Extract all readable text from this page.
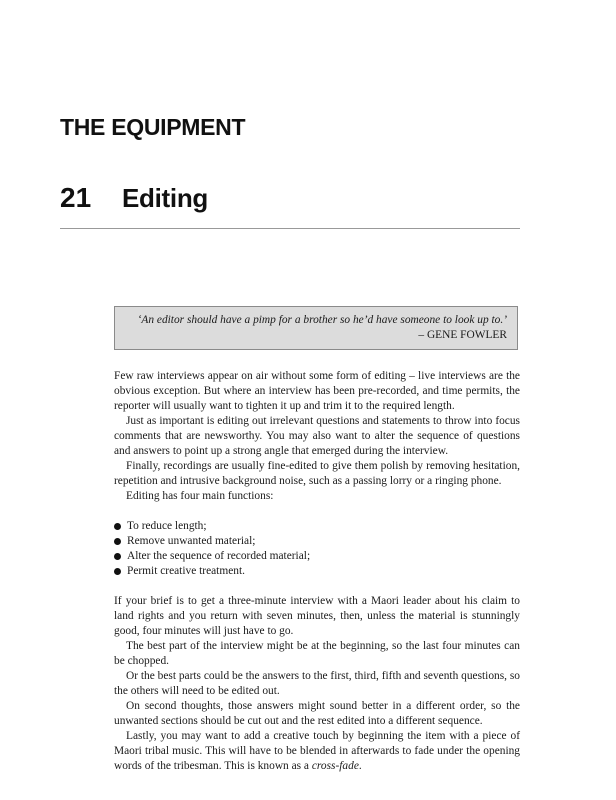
THE EQUIPMENT
21 Editing
‘An editor should have a pimp for a brother so he’d have someone to look up to.’
– GENE FOWLER

Few raw interviews appear on air without some form of editing – live interviews are the obvious exception. But where an interview has been pre-recorded, and time permits, the reporter will usually want to tighten it up and trim it to the required length.

Just as important is editing out irrelevant questions and statements to throw into focus comments that are newsworthy. You may also want to alter the sequence of questions and answers to point up a strong angle that emerged during the interview.

Finally, recordings are usually fine-edited to give them polish by removing hesitation, repetition and intrusive background noise, such as a passing lorry or a ringing phone.

Editing has four main functions:

To reduce length;
Remove unwanted material;
Alter the sequence of recorded material;
Permit creative treatment.

If your brief is to get a three-minute interview with a Maori leader about his claim to land rights and you return with seven minutes, then, unless the material is stunningly good, four minutes will just have to go.

The best part of the interview might be at the beginning, so the last four minutes can be chopped.

Or the best parts could be the answers to the first, third, fifth and seventh questions, so the others will need to be edited out.

On second thoughts, those answers might sound better in a different order, so the unwanted sections should be cut out and the rest edited into a different sequence.

Lastly, you may want to add a creative touch by beginning the item with a piece of Maori tribal music. This will have to be blended in afterwards to fade under the opening words of the tribesman. This is known as a cross-fade.
